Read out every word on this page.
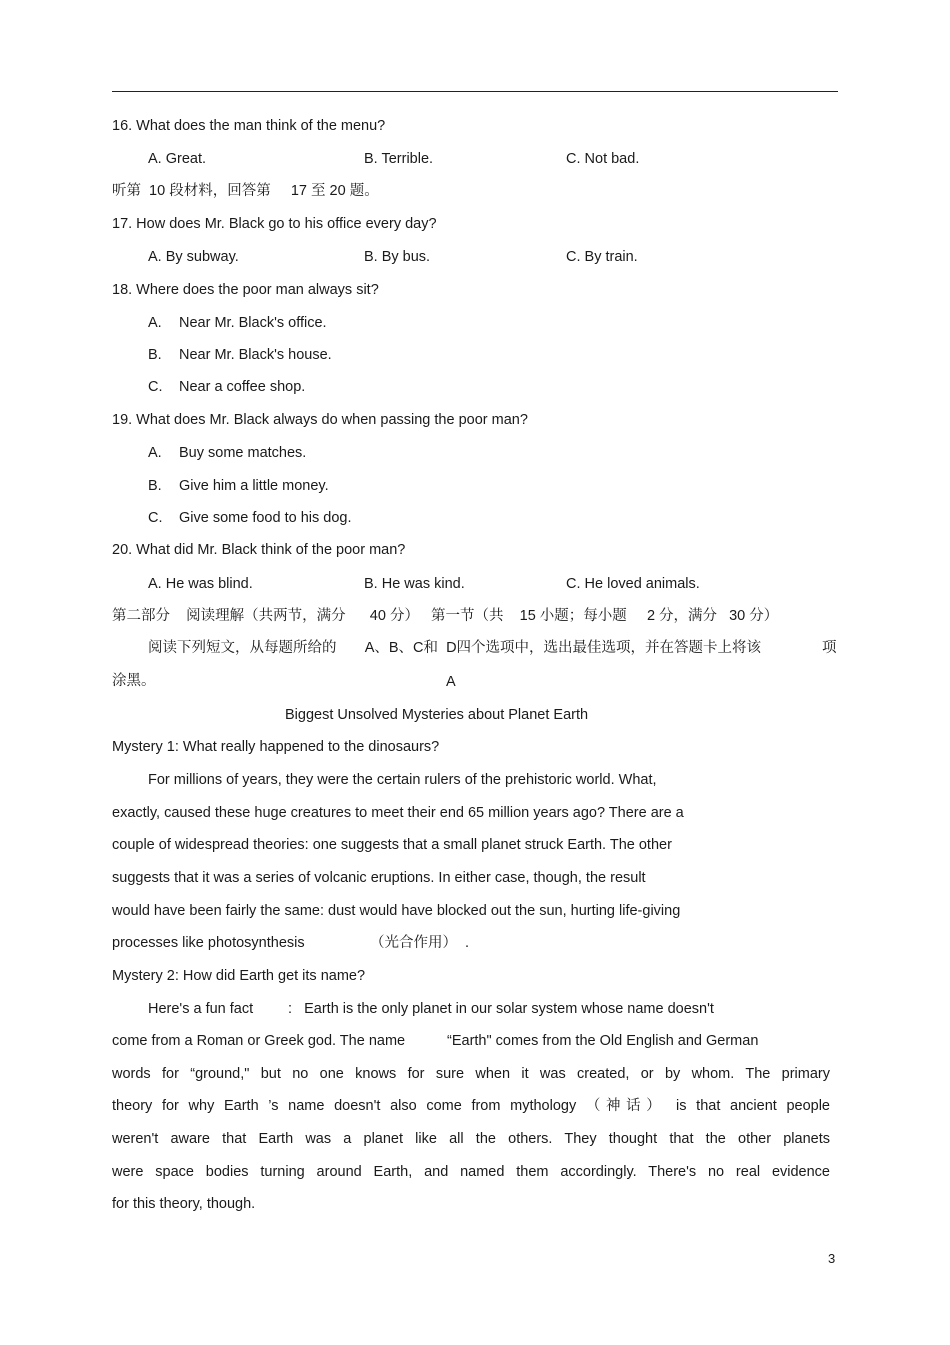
16. What does the man think of the menu?
A. Great.	B. Terrible.	C. Not bad.
听第  10 段材料，回答第     17 至 20 题。
17. How does Mr. Black go to his office every day?
A. By subway.	B. By bus.	C. By train.
18. Where does the poor man always sit?
A. Near Mr. Black's office.
B. Near Mr. Black's house.
C. Near a coffee shop.
19. What does Mr. Black always do when passing the poor man?
A. Buy some matches.
B. Give him a little money.
C. Give some food to his dog.
20. What did Mr. Black think of the poor man?
A. He was blind.	B. He was kind.	C. He loved animals.
第二部分    阅读理解（共两节，满分      40 分）   第一节（共    15 小题；每小题     2 分，满分   30 分）
阅读下列短文，从每题所给的       A、B、C和  D四个选项中，选出最佳选项，并在答题卡上将该	项
涂黑。	A
Biggest Unsolved Mysteries about Planet Earth
Mystery 1: What really happened to the dinosaurs?
For millions of years, they were the certain rulers of the prehistoric world. What,
exactly, caused these huge creatures to meet their end 65 million years ago? There are a
couple of widespread theories: one suggests that a small planet struck Earth. The other
suggests that it was a series of volcanic eruptions. In either case, though, the result
would have been fairly the same: dust would have blocked out the sun, hurting life-giving
processes like photosynthesis	（光合作用） .
Mystery 2: How did Earth get its name?
Here's a fun fact :   Earth is the only planet in our solar system whose name doesn't
come from a Roman or Greek god. The name	“Earth" comes from the Old English and German
words for “ground," but no one knows for sure when it was created, or by whom. The primary
theory for why Earth ’s name doesn't also come from mythology （神话） is that ancient people
weren't aware that Earth was a planet like all the others. They thought that the other planets
were space bodies turning around Earth, and named them accordingly. There's no real evidence
for this theory, though.
3
